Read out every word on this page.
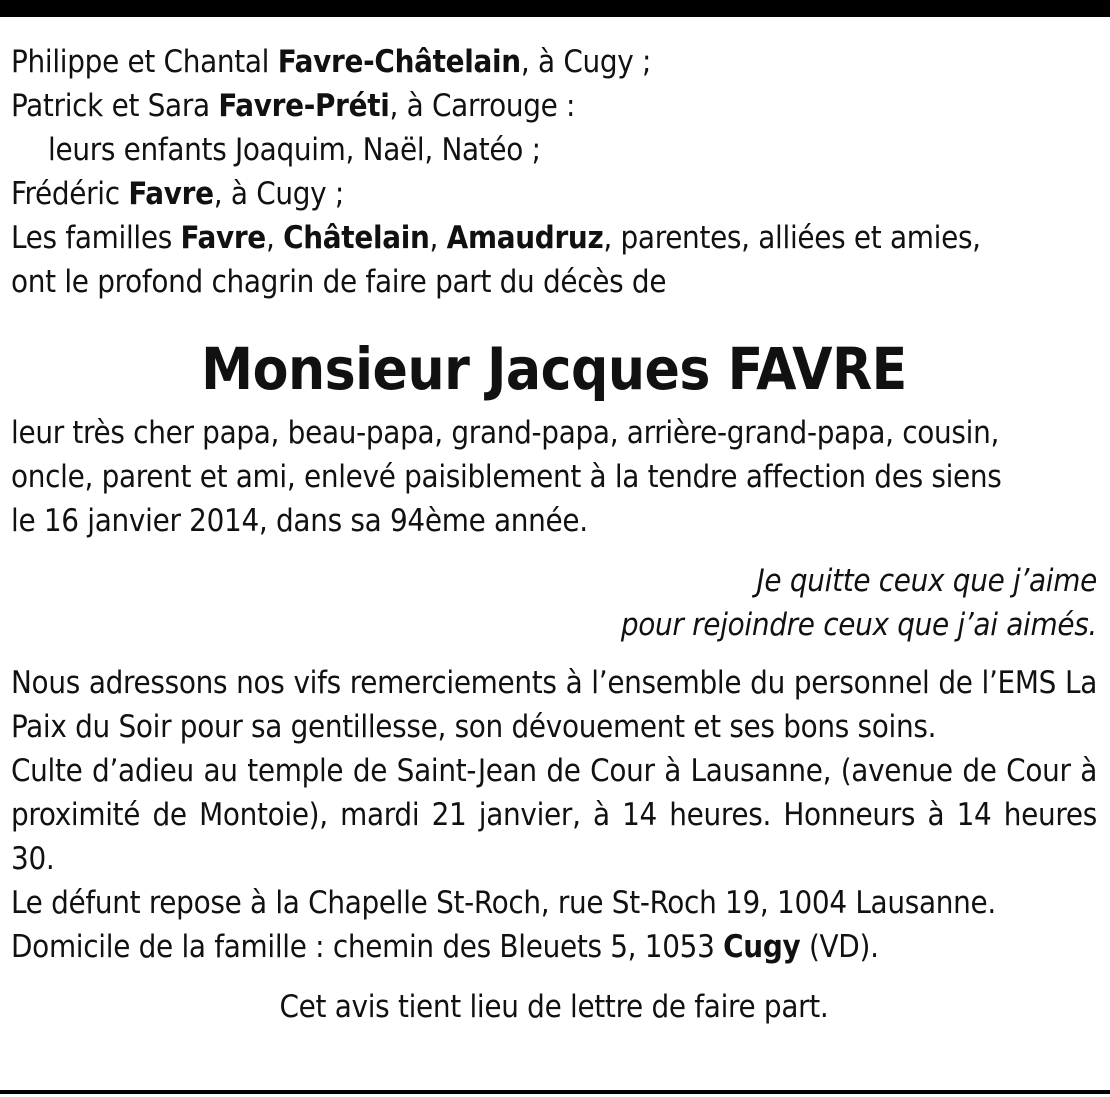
Philippe et Chantal Favre-Châtelain, à Cugy ;
Patrick et Sara Favre-Préti, à Carrouge :
leurs enfants Joaquim, Naël, Natéo ;
Frédéric Favre, à Cugy ;
Les familles Favre, Châtelain, Amaudruz, parentes, alliées et amies,
ont le profond chagrin de faire part du décès de
Monsieur Jacques FAVRE
leur très cher papa, beau-papa, grand-papa, arrière-grand-papa, cousin,
oncle, parent et ami, enlevé paisiblement à la tendre affection des siens
le 16 janvier 2014, dans sa 94ème année.
Je quitte ceux que j’aime
pour rejoindre ceux que j’ai aimés.
Nous adressons nos vifs remerciements à l’ensemble du personnel de l’EMS La Paix du Soir pour sa gentillesse, son dévouement et ses bons soins.
Culte d’adieu au temple de Saint-Jean de Cour à Lausanne, (avenue de Cour à proximité de Montoie), mardi 21 janvier, à 14 heures. Honneurs à 14 heures 30.
Le défunt repose à la Chapelle St-Roch, rue St-Roch 19, 1004 Lausanne.
Domicile de la famille : chemin des Bleuets 5, 1053 Cugy (VD).
Cet avis tient lieu de lettre de faire part.
